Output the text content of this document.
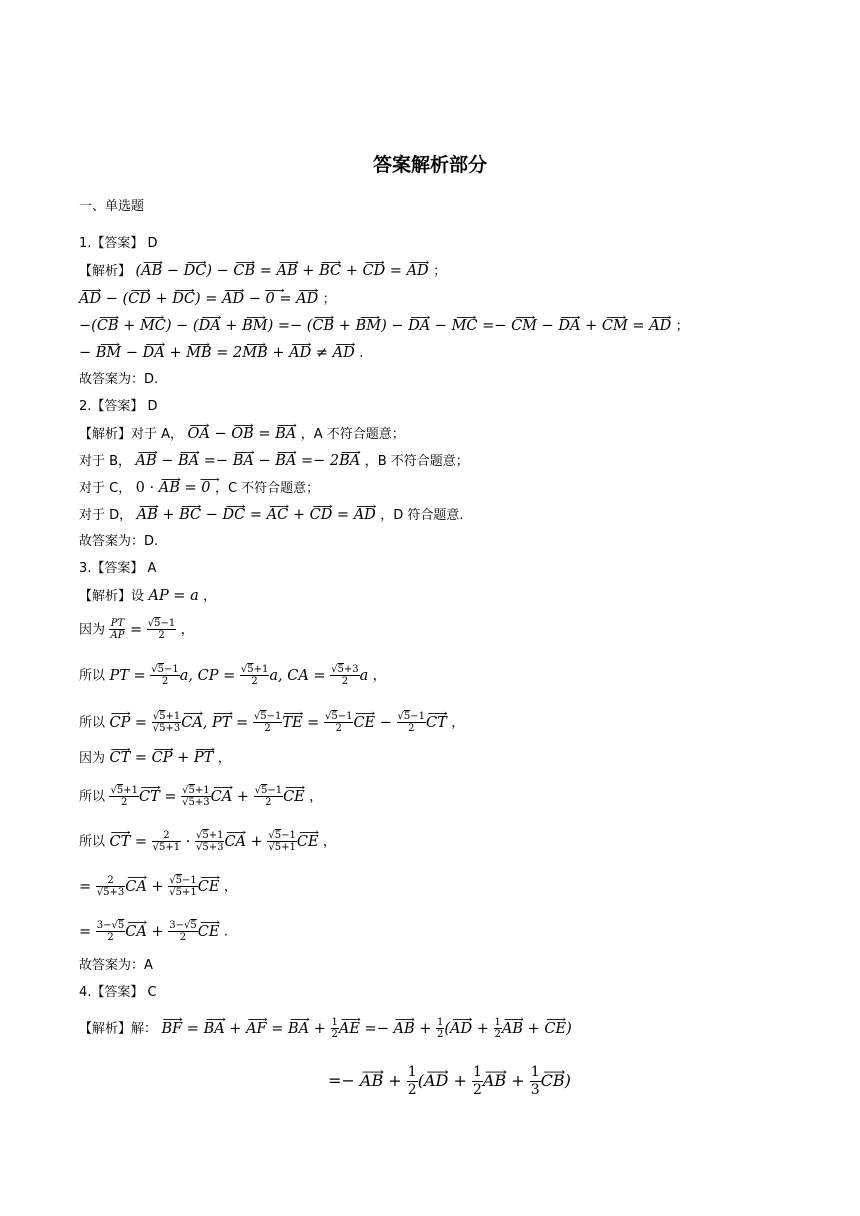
答案解析部分
一、单选题
1.【答案】 D
【解析】 (⟶ AB − ⟶ DC) − ⟶ CB = ⟶ AB + ⟶ BC + ⟶ CD = ⟶ AD ；
⟶ AD − (⟶ CD + ⟶ DC) = ⟶ AD − ⟶ 0 = ⟶ AD ；
−(⟶ CB + ⟶ MC) − (⟶ DA + ⟶ BM) =− (⟶ CB + ⟶ BM) − ⟶ DA − ⟶ MC =− ⟶ CM − ⟶ DA + ⟶ CM = ⟶ AD ；
− ⟶ BM − ⟶ DA + ⟶ MB = 2⟶ MB + ⟶ AD ≠ ⟶ AD .
故答案为：D.
2.【答案】 D
【解析】对于 A， ⟶ OA − ⟶ OB = ⟶ BA ，A 不符合题意；
对于 B， ⟶ AB − ⟶ BA =− ⟶ BA − ⟶ BA =− 2⟶ BA ，B 不符合题意；
对于 C， 0 · ⟶ AB = ⟶ 0 ，C 不符合题意；
对于 D， ⟶ AB + ⟶ BC − ⟶ DC = ⟶ AC + ⟶ CD = ⟶ AD ，D 符合题意.
故答案为：D.
3.【答案】 A
【解析】设 AP = a ，
因为 $\frac{PT}{AP} = \frac{√5-1}{2}$ ，
所以 PT = $\frac{√5-1}{2} a$, CP = $\frac{√5+1}{2} a$, CA = $\frac{√5+3}{2}$ a ，
所以 ⟶ CP = $\frac{√5+1}{√5+3}$ ⟶ CA, ⟶ PT = $\frac{√5-1}{2}$ ⟶ TE = $\frac{√5-1}{2}$ ⟶ CE − $\frac{√5-1}{2}$ ⟶ CT ，
因为 ⟶ CT = ⟶ CP + ⟶ PT ，
所以 $\frac{√5+1}{2}$ ⟶ CT = $\frac{√5+1}{√5+3}$ ⟶ CA + $\frac{√5-1}{2}$ ⟶ CE ，
所以 ⟶ CT = $\frac{2}{√5+1} \cdot \frac{√5+1}{√5+3}$ ⟶ CA + $\frac{√5-1}{√5+1}$ ⟶ CE ，
= $\frac{2}{√5+3}$ ⟶ CA + $\frac{√5-1}{√5+1}$ ⟶ CE ，
= $\frac{3-√5}{2}$ ⟶ CA + $\frac{3-√5}{2}$ ⟶ CE .
故答案为：A
4.【答案】 C
【解析】解： ⟶ BF = ⟶ BA + ⟶ AF = ⟶ BA + $\frac{1}{2}$ ⟶ AE =− ⟶ AB + $\frac{1}{2}$ (⟶ AD + $\frac{1}{2}$ ⟶ AB + ⟶ CE)
=− ⟶ AB + $\frac{1}{2}$ (⟶ AD + $\frac{1}{2}$ ⟶ AB + $\frac{1}{3}$ ⟶ CB)
